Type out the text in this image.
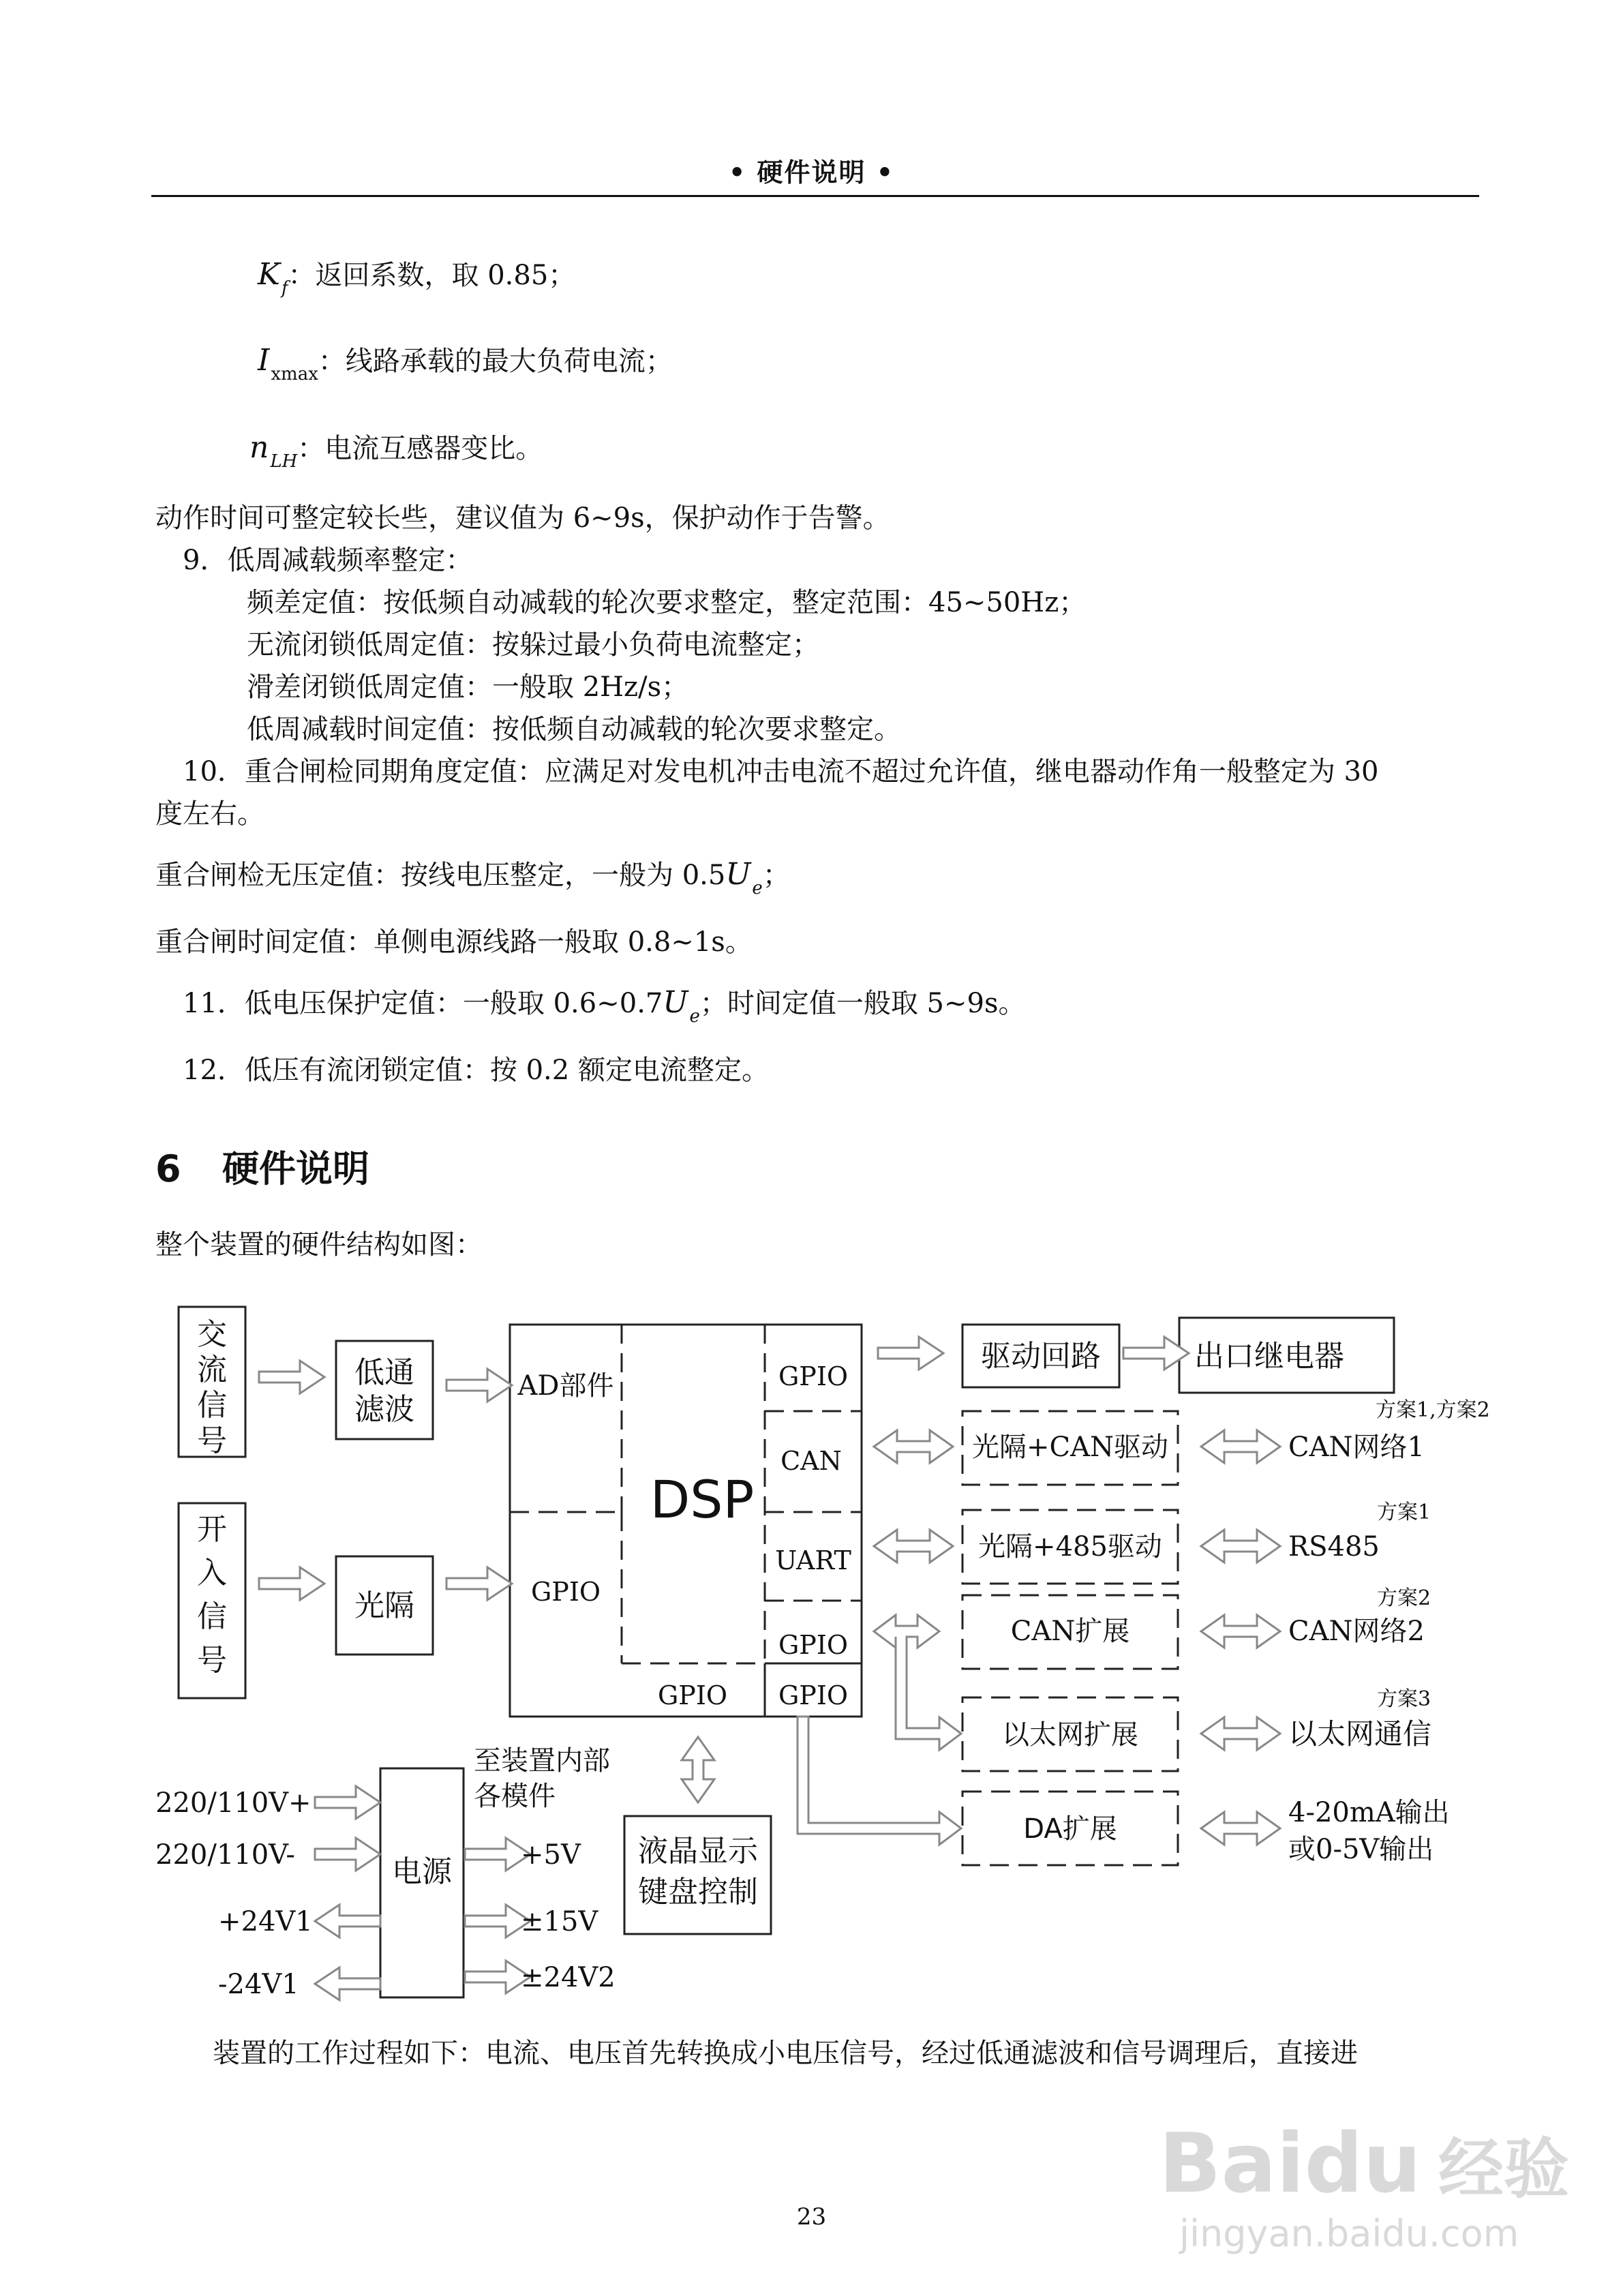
• 硬件说明 •
$K_f$：返回系数，取 0.85；
$I_{xmax}$：线路承载的最大负荷电流；
$n_{LH}$：电流互感器变比。
动作时间可整定较长些，建议值为 6~9s，保护动作于告警。
9．低周减载频率整定：
频差定值：按低频自动减载的轮次要求整定，整定范围：45~50Hz；
无流闭锁低周定值：按躲过最小负荷电流整定；
滑差闭锁低周定值：一般取 2Hz/s；
低周减载时间定值：按低频自动减载的轮次要求整定。
10．重合闸检同期角度定值：应满足对发电机冲击电流不超过允许值，继电器动作角一般整定为 30
度左右。
重合闸检无压定值：按线电压整定，一般为 $0.5U_e$；
重合闸时间定值：单侧电源线路一般取 0.8~1s。
11．低电压保护定值：一般取 $0.6\sim 0.7U_e$；时间定值一般取 5~9s。
12．低压有流闭锁定值：按 0.2 额定电流整定。
6 硬件说明
整个装置的硬件结构如图：
交
流
信
号
开
入
信
号
低通
滤波
光隔
AD部件
DSP
GPIO
CAN
UART
GPIO
GPIO
GPIO GPIO
驱动回路	出口继电器
光隔+CAN驱动
光隔+485驱动
CAN扩展
以太网扩展
DA扩展
CAN网络1
RS485
CAN网络2
以太网通信
4-20mA输出
或0-5V输出
方案1,方案2
方案1
方案2
方案3
电源
至装置内部
各模件
220/110V+
220/110V-
+24V1
-24V1
+5V
±15V
±24V2
液晶显示
键盘控制
装置的工作过程如下：电流、电压首先转换成小电压信号，经过低通滤波和信号调理后，直接进
23
Baidu 经验
jingyan.baidu.com
